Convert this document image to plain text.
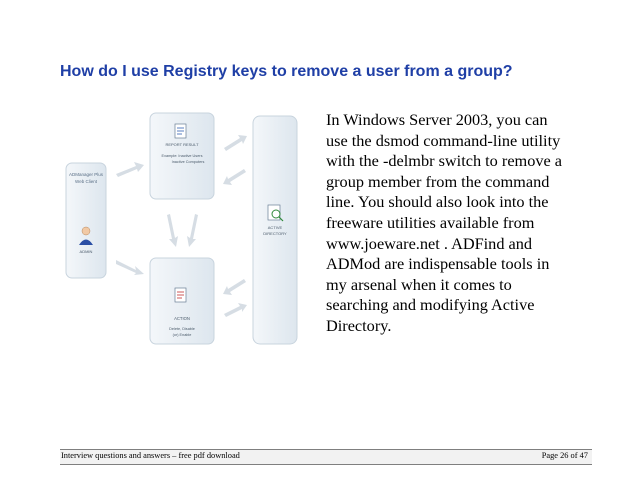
How do I use Registry keys to remove a user from a group?
ADManager Plus
Web Client
ADMIN
REPORT RESULT
Example: Inactive Users
Inactive Computers
ACTION
Delete, Disable
(or) Enable
ACTIVE
DIRECTORY
In Windows Server 2003, you can
use the dsmod command-line utility
with the -delmbr switch to remove a
group member from the command
line. You should also look into the
freeware utilities available from
www.joeware.net . ADFind and
ADMod are indispensable tools in
my arsenal when it comes to
searching and modifying Active
Directory.
Interview questions and answers – free pdf download	Page 26 of 47
